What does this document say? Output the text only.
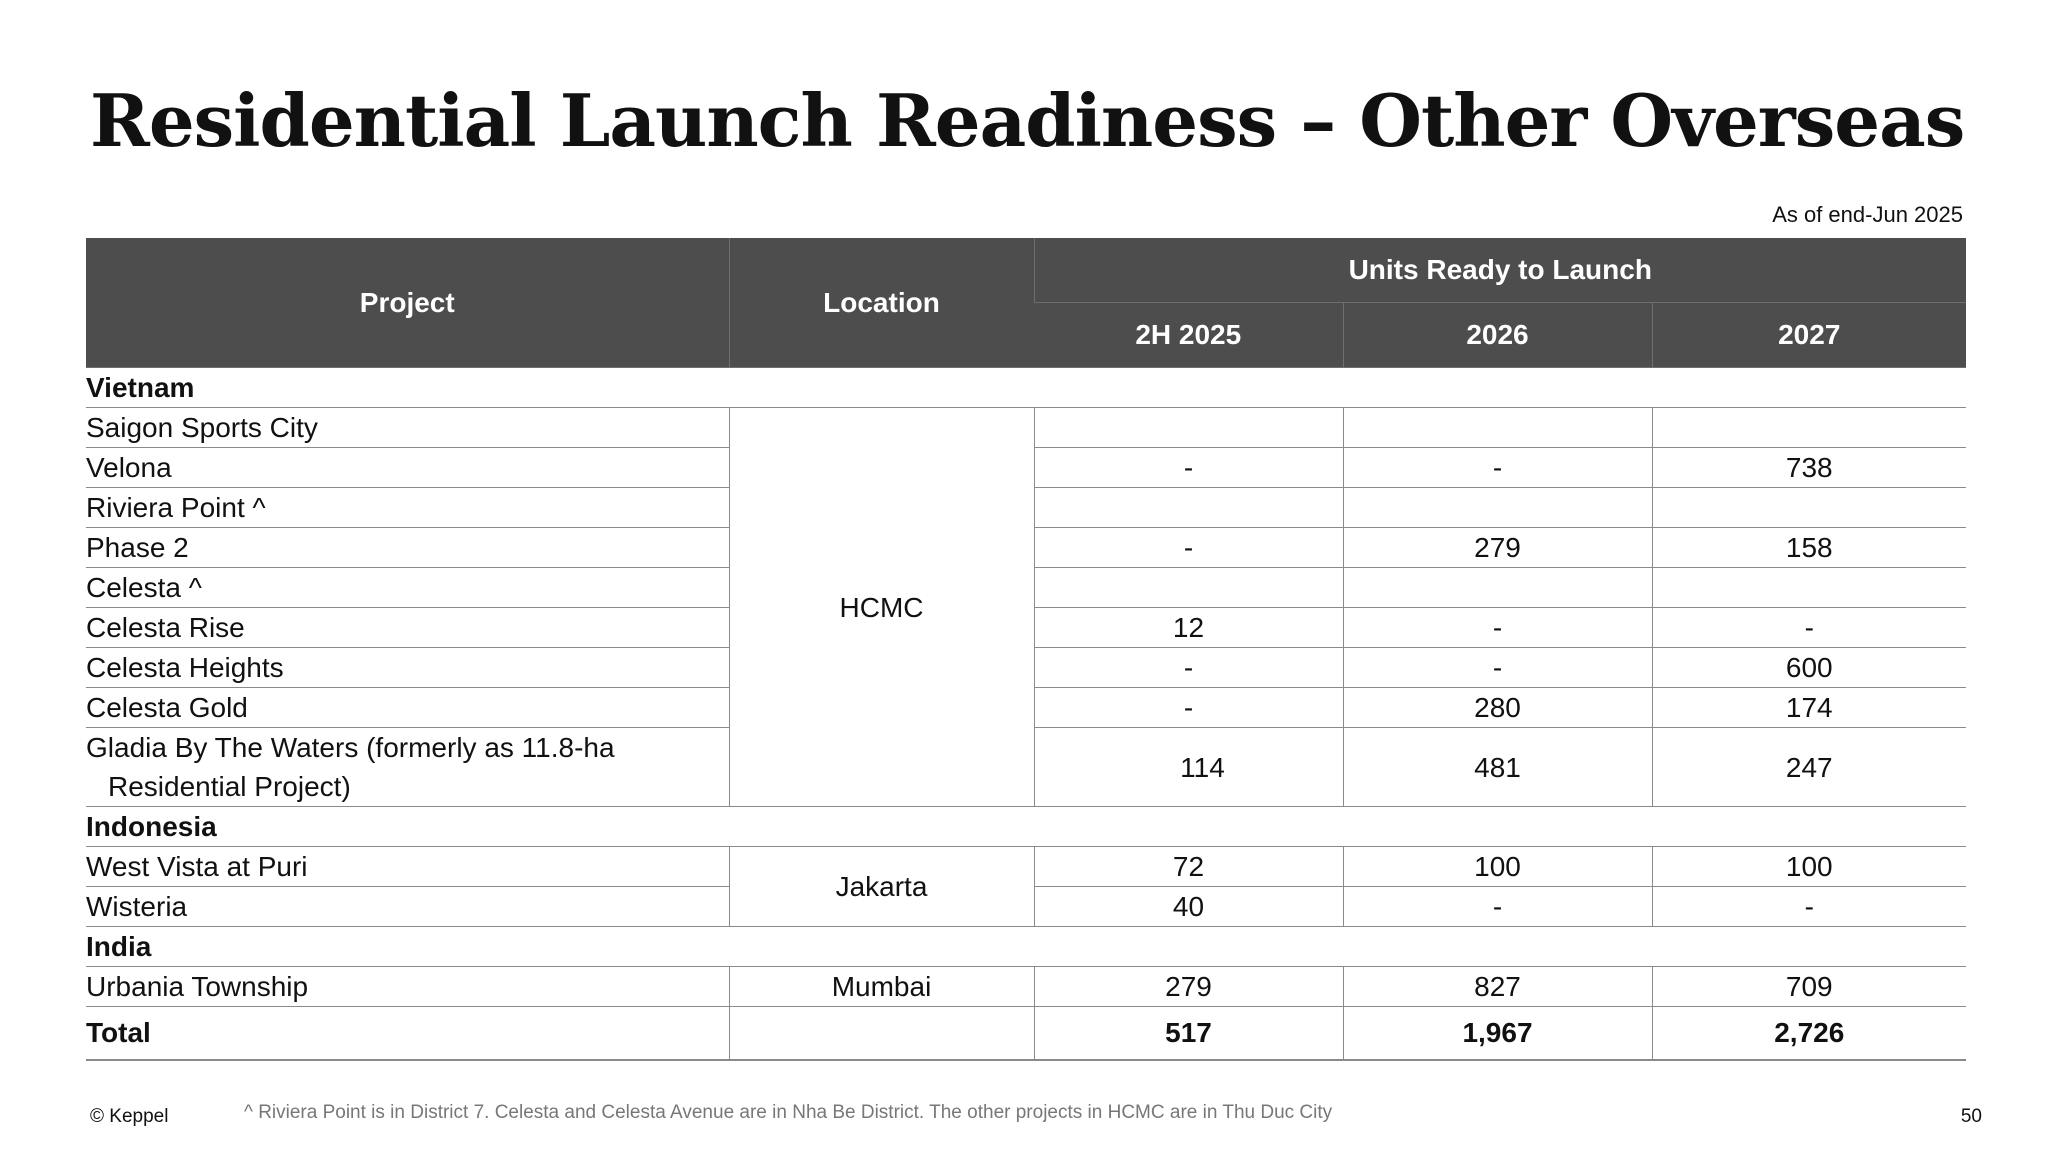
Residential Launch Readiness – Other Overseas
As of end-Jun 2025
Project	Location	Units Ready to Launch		
		2H 2025	2026	2027
Vietnam				
Saigon Sports City	HCMC			
Velona		-	-	738
Riviera Point ^				
Phase 2		-	279	158
Celesta ^				
Celesta Rise		12	-	-
Celesta Heights		-	-	600
Celesta Gold		-	280	174
Gladia By The Waters (formerly as 11.8-ha
Residential Project)		114	481	247
Indonesia				
West Vista at Puri	Jakarta	72	100	100
Wisteria		40	-	-
India				
Urbania Township	Mumbai	279	827	709
Total		517	1,967	2,726
© Keppel	^ Riviera Point is in District 7. Celesta and Celesta Avenue are in Nha Be District. The other projects in HCMC are in Thu Duc City	50
